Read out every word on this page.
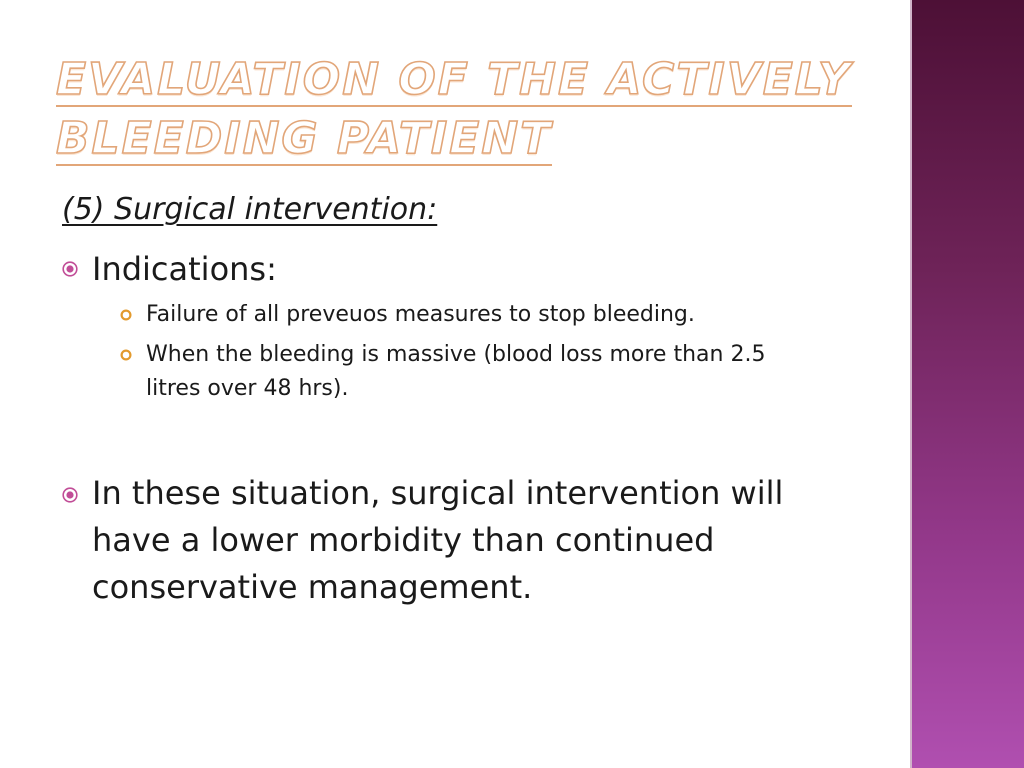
EVALUATION OF THE ACTIVELY
BLEEDING PATIENT
(5) Surgical intervention:
Indications:
Failure of all preveuos measures to stop bleeding.
When the bleeding is massive (blood loss more than 2.5 litres over 48 hrs).
In these situation, surgical intervention will have a lower morbidity than continued conservative management.
